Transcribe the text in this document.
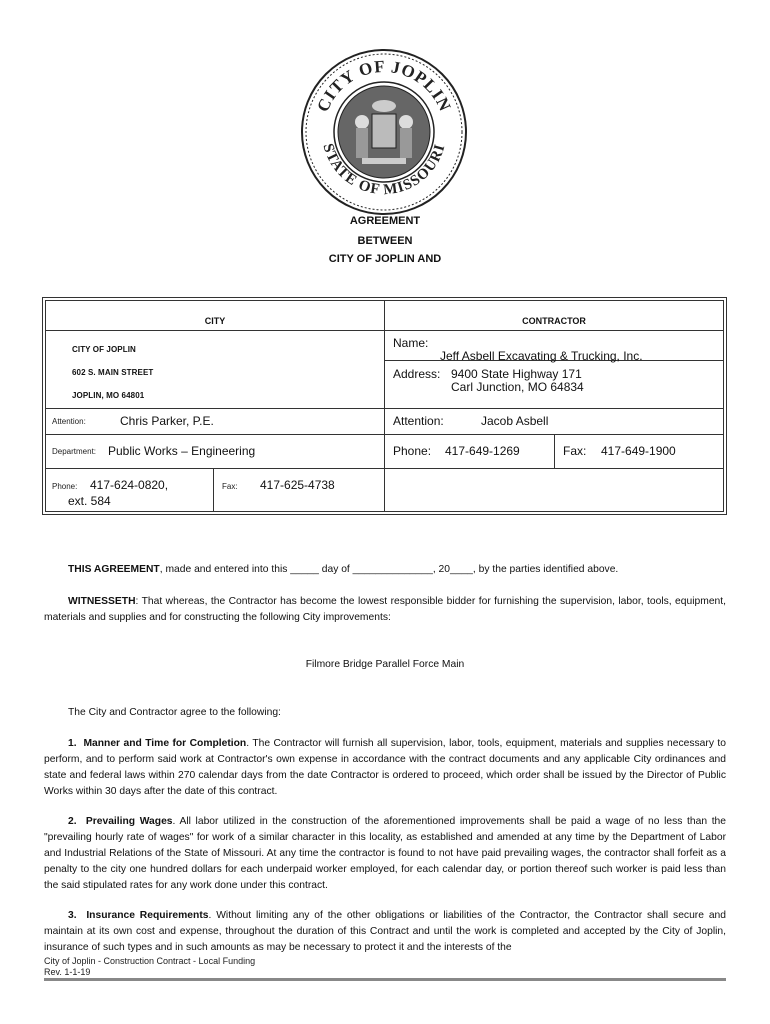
CITY OF JOPLIN
STATE OF MISSOURI
AGREEMENT
BETWEEN
CITY OF JOPLIN AND
CITY	CONTRACTOR
CITY OF JOPLIN
602 S. MAIN STREET
JOPLIN, MO 64801
Name:
Jeff Asbell Excavating & Trucking, Inc.
Address: 9400 State Highway 171
Carl Junction, MO 64834
Attention:	Chris Parker, P.E.	Attention:	Jacob Asbell
Department: Public Works – Engineering	Phone: 417-649-1269	Fax: 417-649-1900
Phone: 417-624-0820,
ext. 584
Fax: 417-625-4738
THIS AGREEMENT, made and entered into this _____ day of ______________, 20____, by the parties identified above.
WITNESSETH: That whereas, the Contractor has become the lowest responsible bidder for furnishing the supervision, labor, tools, equipment, materials and supplies and for constructing the following City improvements:
Filmore Bridge Parallel Force Main
The City and Contractor agree to the following:
1. Manner and Time for Completion. The Contractor will furnish all supervision, labor, tools, equipment, materials and supplies necessary to perform, and to perform said work at Contractor's own expense in accordance with the contract documents and any applicable City ordinances and state and federal laws within 270 calendar days from the date Contractor is ordered to proceed, which order shall be issued by the Director of Public Works within 30 days after the date of this contract.
2. Prevailing Wages. All labor utilized in the construction of the aforementioned improvements shall be paid a wage of no less than the "prevailing hourly rate of wages" for work of a similar character in this locality, as established and amended at any time by the Department of Labor and Industrial Relations of the State of Missouri. At any time the contractor is found to not have paid prevailing wages, the contractor shall forfeit as a penalty to the city one hundred dollars for each underpaid worker employed, for each calendar day, or portion thereof such worker is paid less than the said stipulated rates for any work done under this contract.
3. Insurance Requirements. Without limiting any of the other obligations or liabilities of the Contractor, the Contractor shall secure and maintain at its own cost and expense, throughout the duration of this Contract and until the work is completed and accepted by the City of Joplin, insurance of such types and in such amounts as may be necessary to protect it and the interests of the
City of Joplin - Construction Contract - Local Funding
Rev. 1-1-19
